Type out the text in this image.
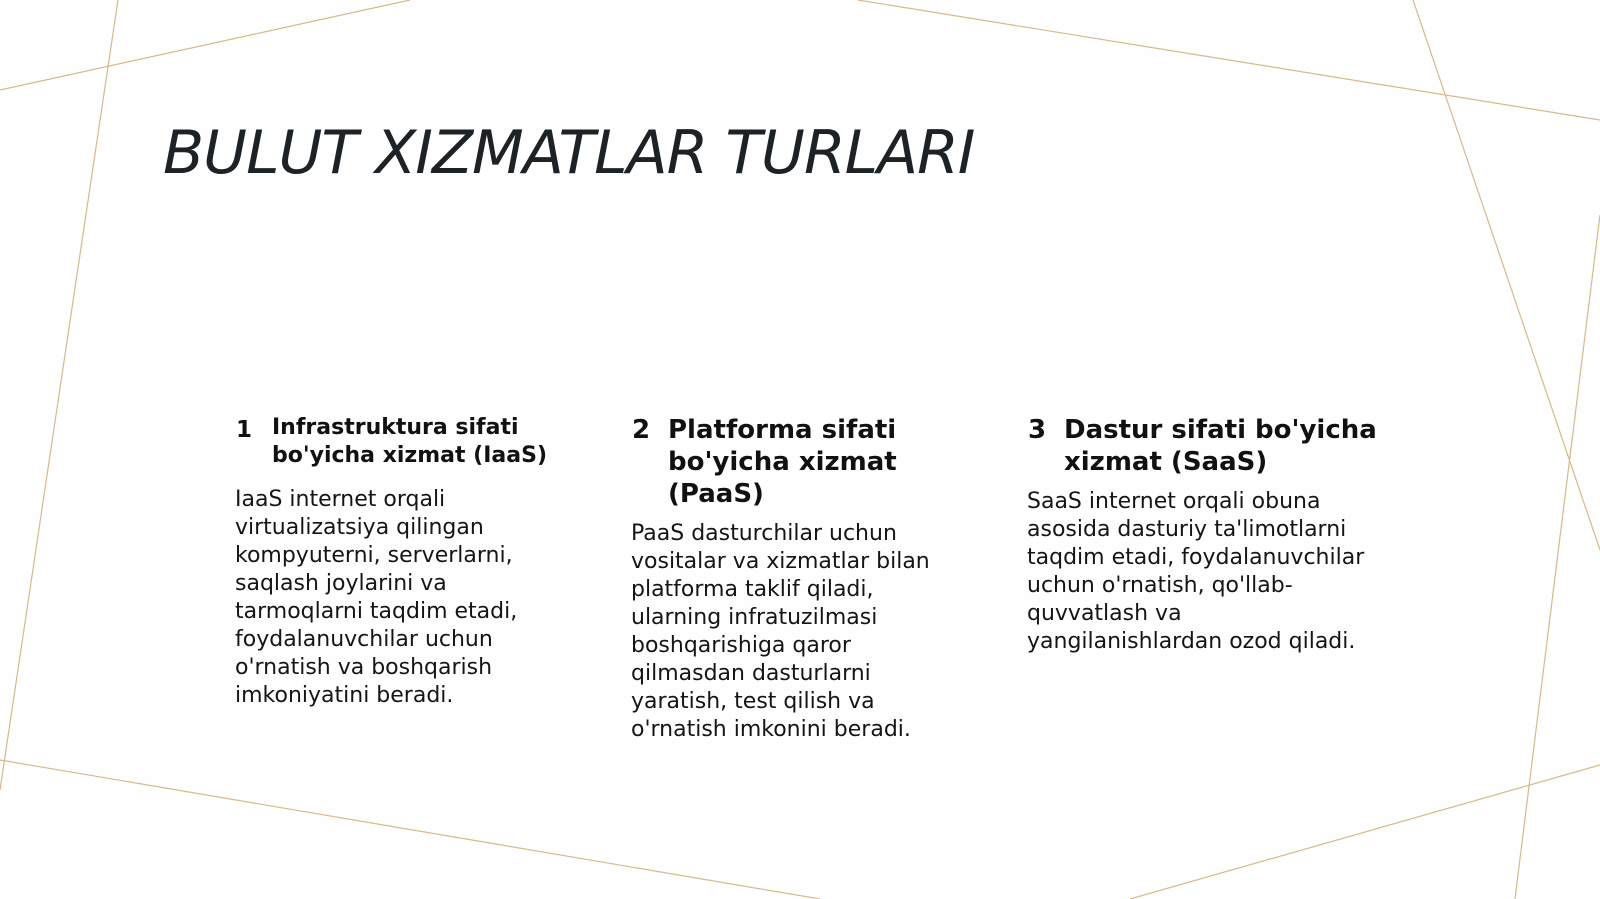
BULUT XIZMATLAR TURLARI
1 Infrastruktura sifati bo'yicha xizmat (IaaS)

IaaS internet orqali virtualizatsiya qilingan kompyuterni, serverlarni, saqlash joylarini va tarmoqlarni taqdim etadi, foydalanuvchilar uchun o'rnatish va boshqarish imkoniyatini beradi.

2 Platforma sifati bo'yicha xizmat (PaaS)

PaaS dasturchilar uchun vositalar va xizmatlar bilan platforma taklif qiladi, ularning infratuzilmasi boshqarishiga qaror qilmasdan dasturlarni yaratish, test qilish va o'rnatish imkonini beradi.

3 Dastur sifati bo'yicha xizmat (SaaS)

SaaS internet orqali obuna asosida dasturiy ta'limotlarni taqdim etadi, foydalanuvchilar uchun o'rnatish, qo'llab-quvvatlash va yangilanishlardan ozod qiladi.
